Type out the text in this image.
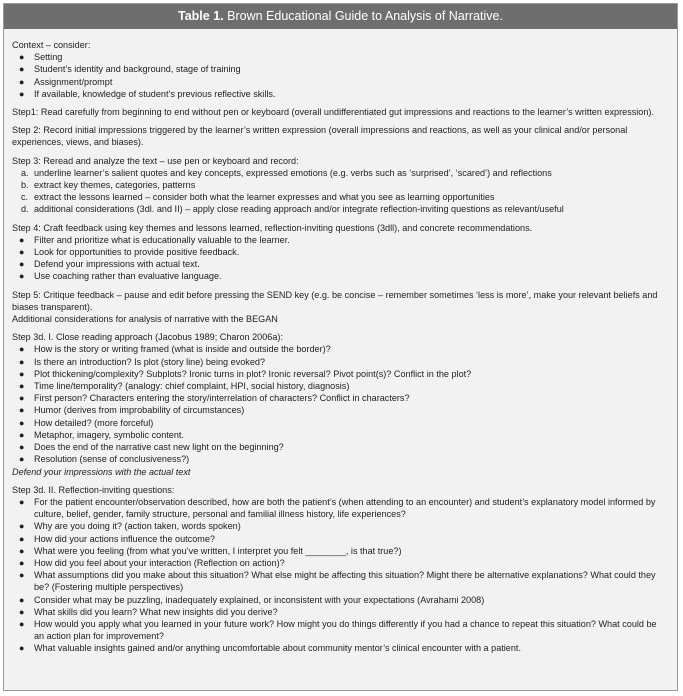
Table 1. Brown Educational Guide to Analysis of Narrative.

Context – consider:

● Setting
● Student’s identity and background, stage of training
● Assignment/prompt
● If available, knowledge of student’s previous reflective skills.

Step1: Read carefully from beginning to end without pen or keyboard (overall undifferentiated gut impressions and reactions to the learner’s written expression).

Step 2: Record initial impressions triggered by the learner’s written expression (overall impressions and reactions, as well as your clinical and/or personal experiences, views, and biases).

Step 3: Reread and analyze the text – use pen or keyboard and record:

a. underline learner’s salient quotes and key concepts, expressed emotions (e.g. verbs such as ‘surprised’, ‘scared’) and reflections
b. extract key themes, categories, patterns
c. extract the lessons learned – consider both what the learner expresses and what you see as learning opportunities
d. additional considerations (3dl. and II) – apply close reading approach and/or integrate reflection-inviting questions as relevant/useful

Step 4: Craft feedback using key themes and lessons learned, reflection-inviting questions (3dll), and concrete recommendations.

● Filter and prioritize what is educationally valuable to the learner.
● Look for opportunities to provide positive feedback.
● Defend your impressions with actual text.
● Use coaching rather than evaluative language.

Step 5: Critique feedback – pause and edit before pressing the SEND key (e.g. be concise – remember sometimes ‘less is more’, make your relevant beliefs and biases transparent).

Additional considerations for analysis of narrative with the BEGAN

Step 3d. I. Close reading approach (Jacobus 1989; Charon 2006a):

● How is the story or writing framed (what is inside and outside the border)?
● Is there an introduction? Is plot (story line) being evoked?
● Plot thickening/complexity? Subplots? Ironic turns in plot? Ironic reversal? Pivot point(s)? Conflict in the plot?
● Time line/temporality? (analogy: chief complaint, HPI, social history, diagnosis)
● First person? Characters entering the story/interrelation of characters? Conflict in characters?
● Humor (derives from improbability of circumstances)
● How detailed? (more forceful)
● Metaphor, imagery, symbolic content.
● Does the end of the narrative cast new light on the beginning?
● Resolution (sense of conclusiveness?)

Defend your impressions with the actual text

Step 3d. II. Reflection-inviting questions:

● For the patient encounter/observation described, how are both the patient’s (when attending to an encounter) and student’s explanatory model informed by culture, belief, gender, family structure, personal and familial illness history, life experiences?
● Why are you doing it? (action taken, words spoken)
● How did your actions influence the outcome?
● What were you feeling (from what you’ve written, I interpret you felt ________, is that true?)
● How did you feel about your interaction (Reflection on action)?
● What assumptions did you make about this situation? What else might be affecting this situation? Might there be alternative explanations? What could they be? (Fostering multiple perspectives)
● Consider what may be puzzling, inadequately explained, or inconsistent with your expectations (Avrahami 2008)
● What skills did you learn? What new insights did you derive?
● How would you apply what you learned in your future work? How might you do things differently if you had a chance to repeat this situation? What could be an action plan for improvement?
● What valuable insights gained and/or anything uncomfortable about community mentor’s clinical encounter with a patient.
